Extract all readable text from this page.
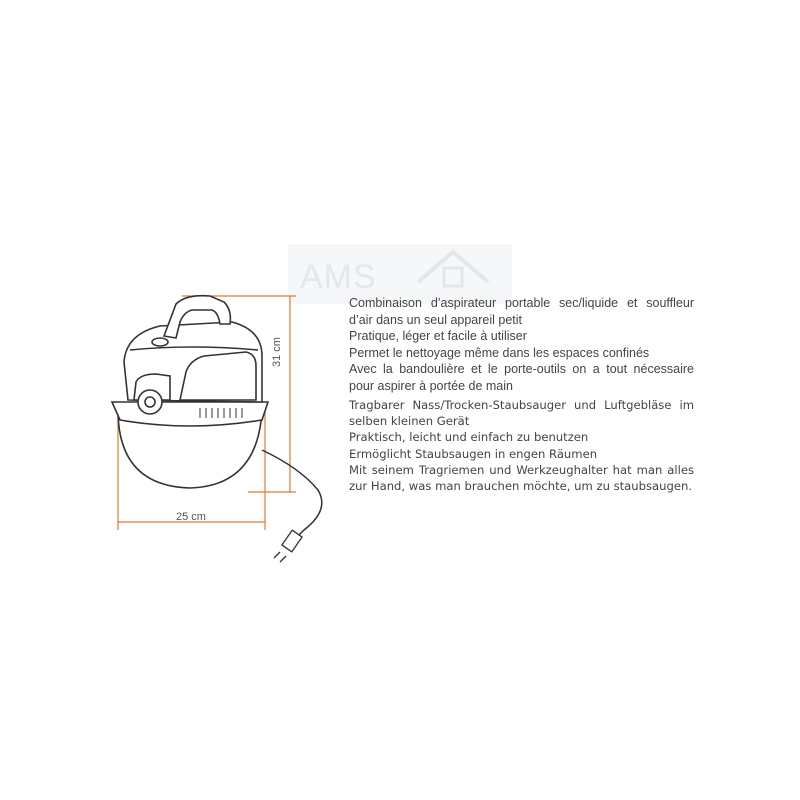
AMS
25 cm
31 cm
Combinaison d’aspirateur portable sec/liquide et souffleur d’air dans un seul appareil petit
Pratique, léger et facile à utiliser
Permet le nettoyage même dans les espaces confinés
Avec la bandoulière et le porte-outils on a tout nécessaire pour aspirer à portée de main
Tragbarer Nass/Trocken-Staubsauger und Luftgebläse im selben kleinen Gerät
Praktisch, leicht und einfach zu benutzen
Ermöglicht Staubsaugen in engen Räumen
Mit seinem Tragriemen und Werkzeughalter hat man alles zur Hand, was man brauchen möchte, um zu staubsaugen.
